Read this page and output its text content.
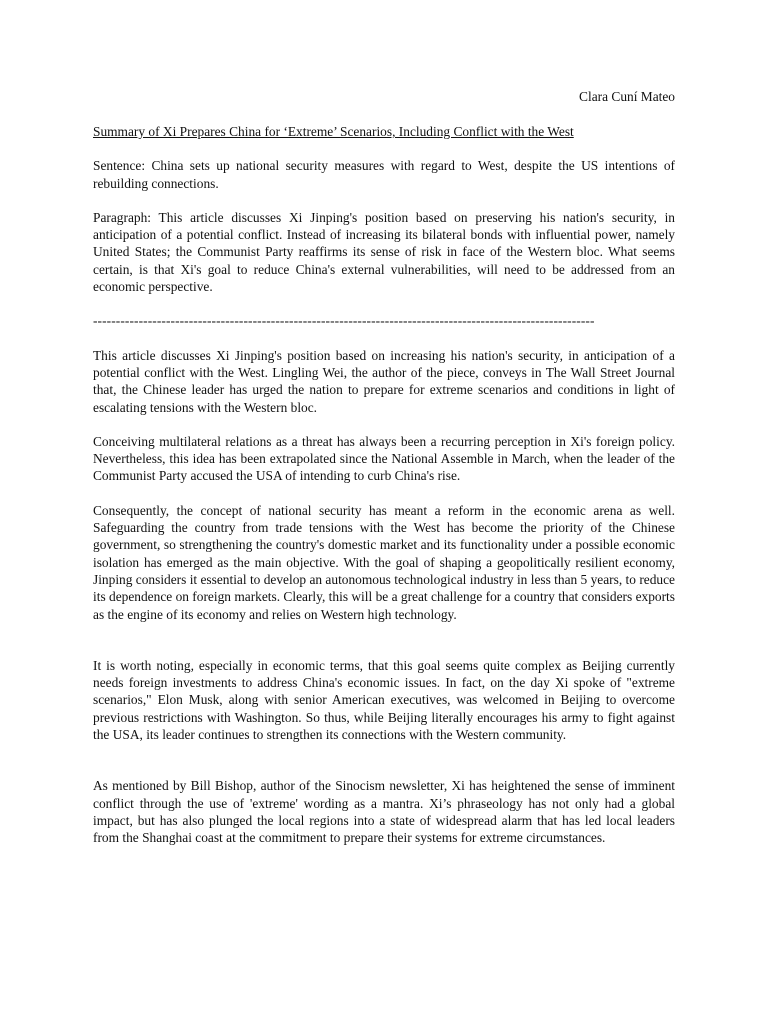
Clara Cuní Mateo

Summary of Xi Prepares China for ‘Extreme’ Scenarios, Including Conflict with the West

Sentence: China sets up national security measures with regard to West, despite the US intentions of rebuilding connections.

Paragraph: This article discusses Xi Jinping's position based on preserving his nation's security, in anticipation of a potential conflict. Instead of increasing its bilateral bonds with influential power, namely United States; the Communist Party reaffirms its sense of risk in face of the Western bloc. What seems certain, is that Xi's goal to reduce China's external vulnerabilities, will need to be addressed from an economic perspective.

--------------------------------------------------------------------------------------------------------------

This article discusses Xi Jinping's position based on increasing his nation's security, in anticipation of a potential conflict with the West. Lingling Wei, the author of the piece, conveys in The Wall Street Journal that, the Chinese leader has urged the nation to prepare for extreme scenarios and conditions in light of escalating tensions with the Western bloc.

Conceiving multilateral relations as a threat has always been a recurring perception in Xi's foreign policy. Nevertheless, this idea has been extrapolated since the National Assemble in March, when the leader of the Communist Party accused the USA of intending to curb China's rise.

Consequently, the concept of national security has meant a reform in the economic arena as well. Safeguarding the country from trade tensions with the West has become the priority of the Chinese government, so strengthening the country's domestic market and its functionality under a possible economic isolation has emerged as the main objective. With the goal of shaping a geopolitically resilient economy, Jinping considers it essential to develop an autonomous technological industry in less than 5 years, to reduce its dependence on foreign markets. Clearly, this will be a great challenge for a country that considers exports as the engine of its economy and relies on Western high technology.

It is worth noting, especially in economic terms, that this goal seems quite complex as Beijing currently needs foreign investments to address China's economic issues. In fact, on the day Xi spoke of "extreme scenarios," Elon Musk, along with senior American executives, was welcomed in Beijing to overcome previous restrictions with Washington. So thus, while Beijing literally encourages his army to fight against the USA, its leader continues to strengthen its connections with the Western community.

As mentioned by Bill Bishop, author of the Sinocism newsletter, Xi has heightened the sense of imminent conflict through the use of 'extreme' wording as a mantra. Xi’s phraseology has not only had a global impact, but has also plunged the local regions into a state of widespread alarm that has led local leaders from the Shanghai coast at the commitment to prepare their systems for extreme circumstances.
